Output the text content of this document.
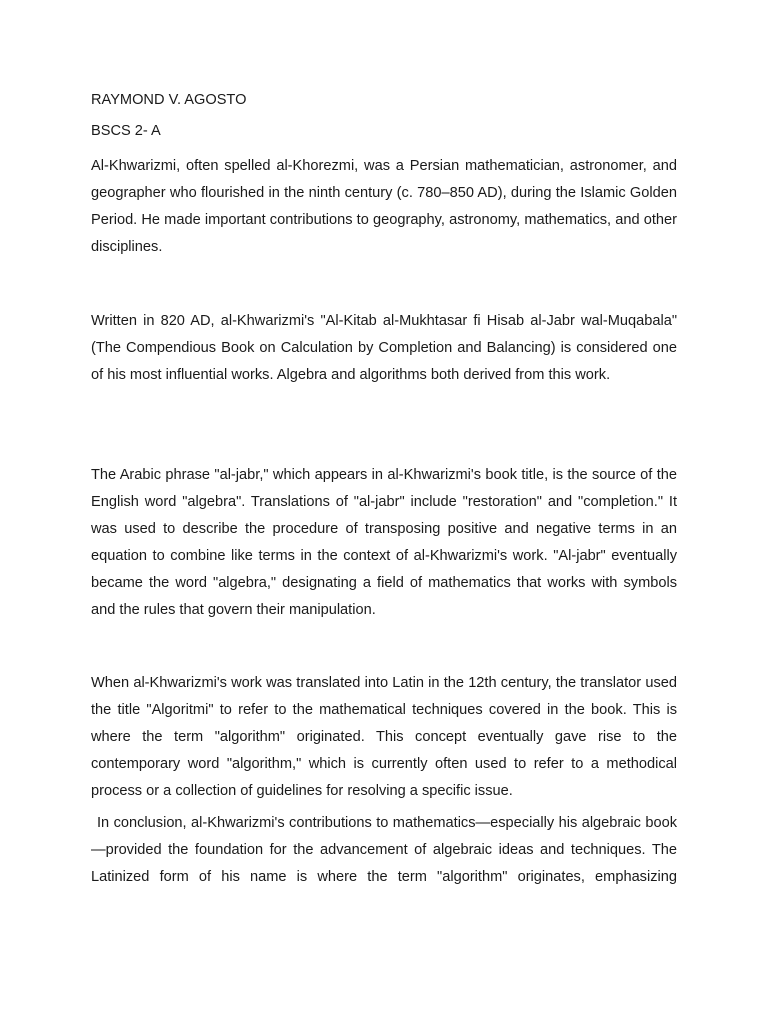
RAYMOND V. AGOSTO

BSCS 2- A

Al-Khwarizmi, often spelled al-Khorezmi, was a Persian mathematician, astronomer, and geographer who flourished in the ninth century (c. 780–850 AD), during the Islamic Golden Period. He made important contributions to geography, astronomy, mathematics, and other disciplines.

Written in 820 AD, al-Khwarizmi's "Al-Kitab al-Mukhtasar fi Hisab al-Jabr wal-Muqabala" (The Compendious Book on Calculation by Completion and Balancing) is considered one of his most influential works. Algebra and algorithms both derived from this work.

The Arabic phrase "al-jabr," which appears in al-Khwarizmi's book title, is the source of the English word "algebra". Translations of "al-jabr" include "restoration" and "completion." It was used to describe the procedure of transposing positive and negative terms in an equation to combine like terms in the context of al-Khwarizmi's work. "Al-jabr" eventually became the word "algebra," designating a field of mathematics that works with symbols and the rules that govern their manipulation.

When al-Khwarizmi's work was translated into Latin in the 12th century, the translator used the title "Algoritmi" to refer to the mathematical techniques covered in the book. This is where the term "algorithm" originated. This concept eventually gave rise to the contemporary word "algorithm," which is currently often used to refer to a methodical process or a collection of guidelines for resolving a specific issue.

In conclusion, al-Khwarizmi's contributions to mathematics—especially his algebraic book—provided the foundation for the advancement of algebraic ideas and techniques. The Latinized form of his name is where the term "algorithm" originates, emphasizing
